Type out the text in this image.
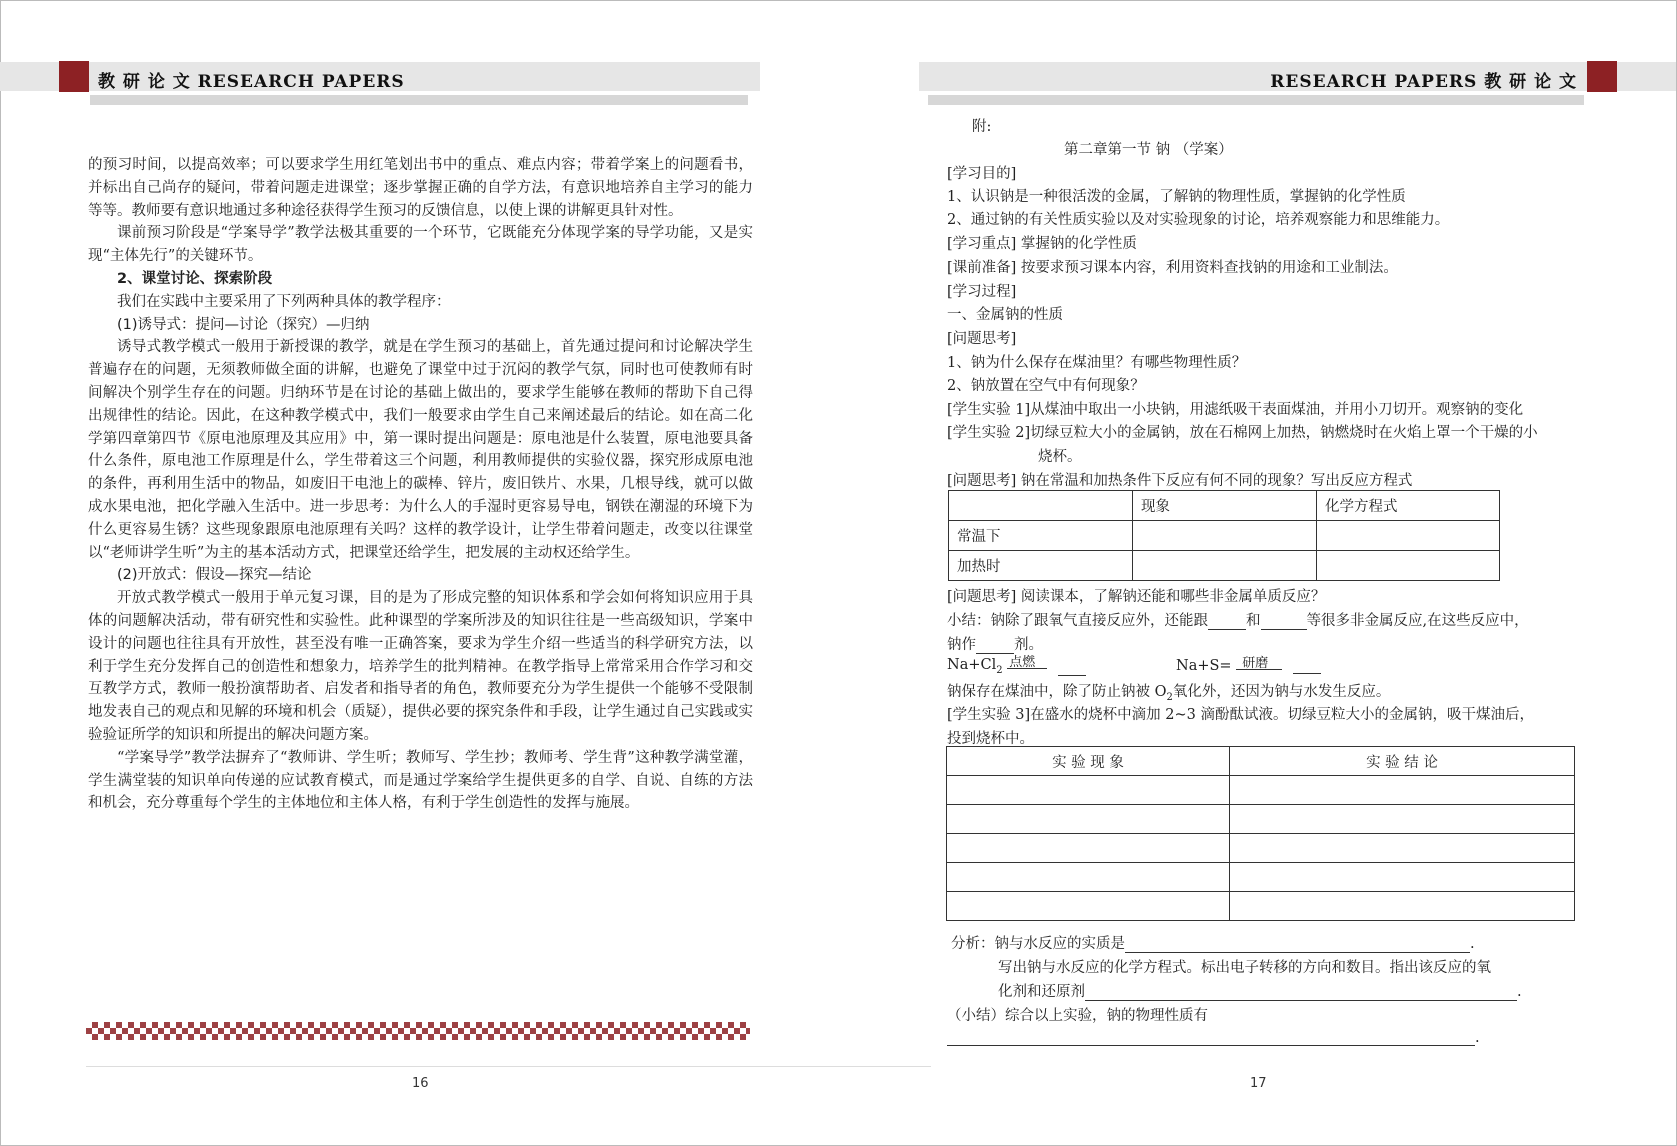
教 研 论 文 RESEARCH PAPERS	RESEARCH PAPERS 教 研 论 文

的预习时间，以提高效率；可以要求学生用红笔划出书中的重点、难点内容；带着学案上的问题看书，并标出自己尚存的疑问，带着问题走进课堂；逐步掌握正确的自学方法，有意识地培养自主学习的能力等等。教师要有意识地通过多种途径获得学生预习的反馈信息，以使上课的讲解更具针对性。

课前预习阶段是“学案导学”教学法极其重要的一个环节，它既能充分体现学案的导学功能，又是实现“主体先行”的关键环节。

2、课堂讨论、探索阶段

我们在实践中主要采用了下列两种具体的教学程序：

(1)诱导式：提问—讨论（探究）—归纳

诱导式教学模式一般用于新授课的教学，就是在学生预习的基础上，首先通过提问和讨论解决学生普遍存在的问题，无须教师做全面的讲解，也避免了课堂中过于沉闷的教学气氛，同时也可使教师有时间解决个别学生存在的问题。归纳环节是在讨论的基础上做出的，要求学生能够在教师的帮助下自己得出规律性的结论。因此，在这种教学模式中，我们一般要求由学生自己来阐述最后的结论。如在高二化学第四章第四节《原电池原理及其应用》中，第一课时提出问题是：原电池是什么装置，原电池要具备什么条件，原电池工作原理是什么，学生带着这三个问题，利用教师提供的实验仪器，探究形成原电池的条件，再利用生活中的物品，如废旧干电池上的碳棒、锌片，废旧铁片、水果，几根导线，就可以做成水果电池，把化学融入生活中。进一步思考：为什么人的手湿时更容易导电，钢铁在潮湿的环境下为什么更容易生锈？这些现象跟原电池原理有关吗？这样的教学设计，让学生带着问题走，改变以往课堂以“老师讲学生听”为主的基本活动方式，把课堂还给学生，把发展的主动权还给学生。

(2)开放式：假设—探究—结论

开放式教学模式一般用于单元复习课，目的是为了形成完整的知识体系和学会如何将知识应用于具体的问题解决活动，带有研究性和实验性。此种课型的学案所涉及的知识往往是一些高级知识，学案中设计的问题也往往具有开放性，甚至没有唯一正确答案，要求为学生介绍一些适当的科学研究方法，以利于学生充分发挥自己的创造性和想象力，培养学生的批判精神。在教学指导上常常采用合作学习和交互教学方式，教师一般扮演帮助者、启发者和指导者的角色，教师要充分为学生提供一个能够不受限制地发表自己的观点和见解的环境和机会（质疑），提供必要的探究条件和手段，让学生通过自己实践或实验验证所学的知识和所提出的解决问题方案。

“学案导学”教学法摒弃了“教师讲、学生听；教师写、学生抄；教师考、学生背”这种教学满堂灌，学生满堂装的知识单向传递的应试教育模式，而是通过学案给学生提供更多的自学、自说、自练的方法和机会，充分尊重每个学生的主体地位和主体人格，有利于学生创造性的发挥与施展。

16	17
附:
第二章第一节 钠 （学案）
[学习目的]
1、认识钠是一种很活泼的金属，了解钠的物理性质，掌握钠的化学性质
2、通过钠的有关性质实验以及对实验现象的讨论，培养观察能力和思维能力。
[学习重点] 掌握钠的化学性质
[课前准备] 按要求预习课本内容，利用资料查找钠的用途和工业制法。
[学习过程]
一、金属钠的性质
[问题思考]
1、钠为什么保存在煤油里？有哪些物理性质？
2、钠放置在空气中有何现象？
[学生实验 1]从煤油中取出一小块钠，用滤纸吸干表面煤油，并用小刀切开。观察钠的变化
[学生实验 2]切绿豆粒大小的金属钠，放在石棉网上加热，钠燃烧时在火焰上罩一个干燥的小
烧杯。
[问题思考] 钠在常温和加热条件下反应有何不同的现象？写出反应方程式
	现象	化学方程式
常温下		
加热时		
[问题思考] 阅读课本，了解钠还能和哪些非金属单质反应？
小结：钠除了跟氧气直接反应外，还能跟	和	等很多非金属反应,在这些反应中，
钠作	剂。
$Na+Cl_2$
点燃
	Na+S= 研磨

钠保存在煤油中，除了防止钠被 $O_2$氧化外，还因为钠与水发生反应。
[学生实验 3]在盛水的烧杯中滴加 2~3 滴酚酞试液。切绿豆粒大小的金属钠，吸干煤油后，
投到烧杯中。
实 验 现 象	实 验 结 论

分析：钠与水反应的实质是	.
写出钠与水反应的化学方程式。标出电子转移的方向和数目。指出该反应的氧
化剂和还原剂	.
（小结）综合以上实验，钠的物理性质有
.
